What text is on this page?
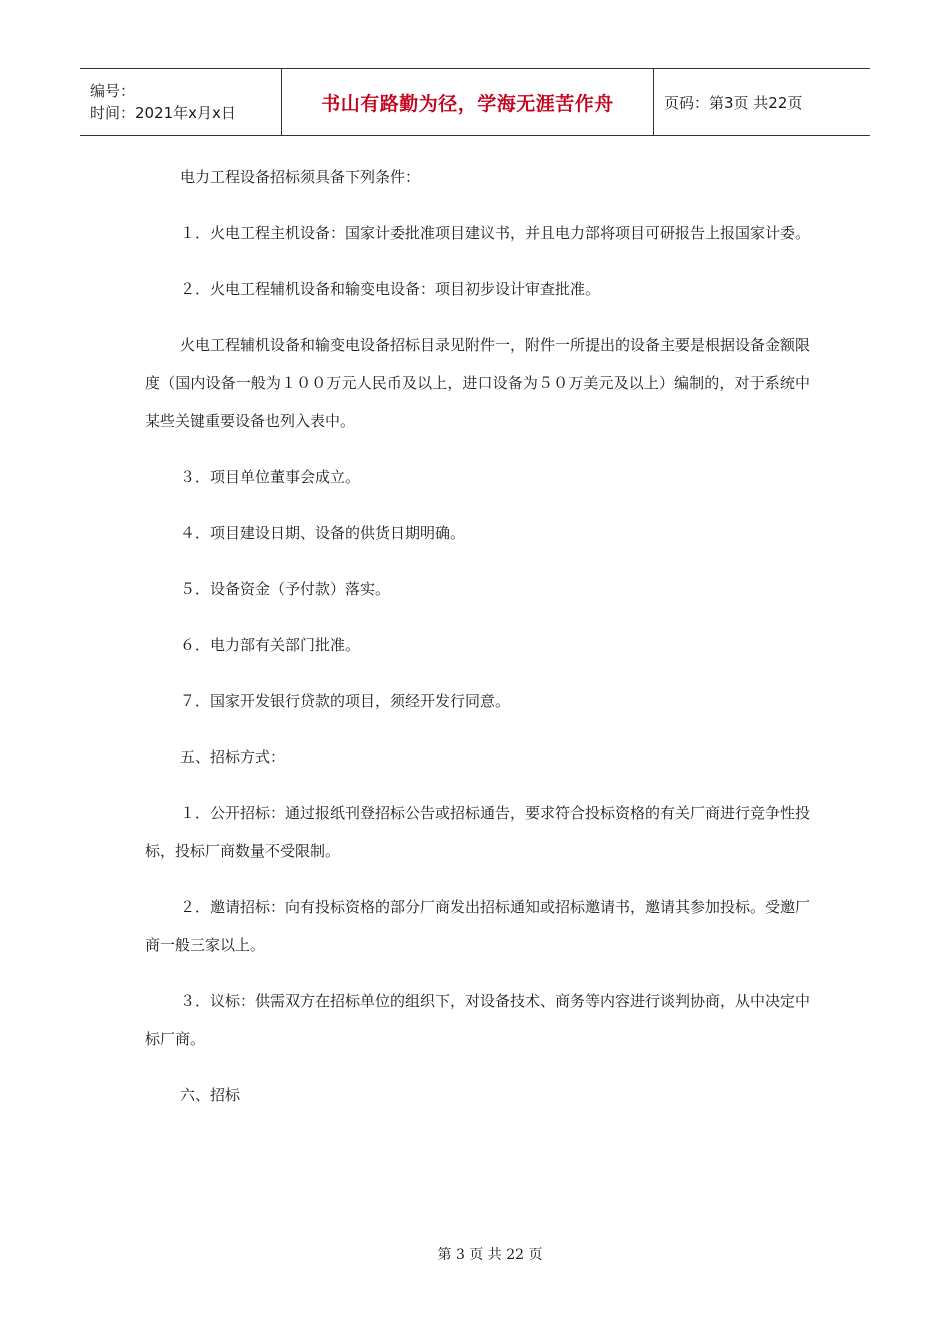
编号：
时间：2021年x月x日	书山有路勤为径，学海无涯苦作舟	页码：第3页 共22页

电力工程设备招标须具备下列条件：

１．火电工程主机设备：国家计委批准项目建议书，并且电力部将项目可研报告上报国家计委。

２．火电工程辅机设备和输变电设备：项目初步设计审查批准。

火电工程辅机设备和输变电设备招标目录见附件一，附件一所提出的设备主要是根据设备金额限度（国内设备一般为１００万元人民币及以上，进口设备为５０万美元及以上）编制的，对于系统中某些关键重要设备也列入表中。

３．项目单位董事会成立。

４．项目建设日期、设备的供货日期明确。

５．设备资金（予付款）落实。

６．电力部有关部门批准。

７．国家开发银行贷款的项目，须经开发行同意。

五、招标方式：

１．公开招标：通过报纸刊登招标公告或招标通告，要求符合投标资格的有关厂商进行竞争性投标，投标厂商数量不受限制。

２．邀请招标：向有投标资格的部分厂商发出招标通知或招标邀请书，邀请其参加投标。受邀厂商一般三家以上。

３．议标：供需双方在招标单位的组织下，对设备技术、商务等内容进行谈判协商，从中决定中标厂商。

六、招标

第 3 页 共 22 页
